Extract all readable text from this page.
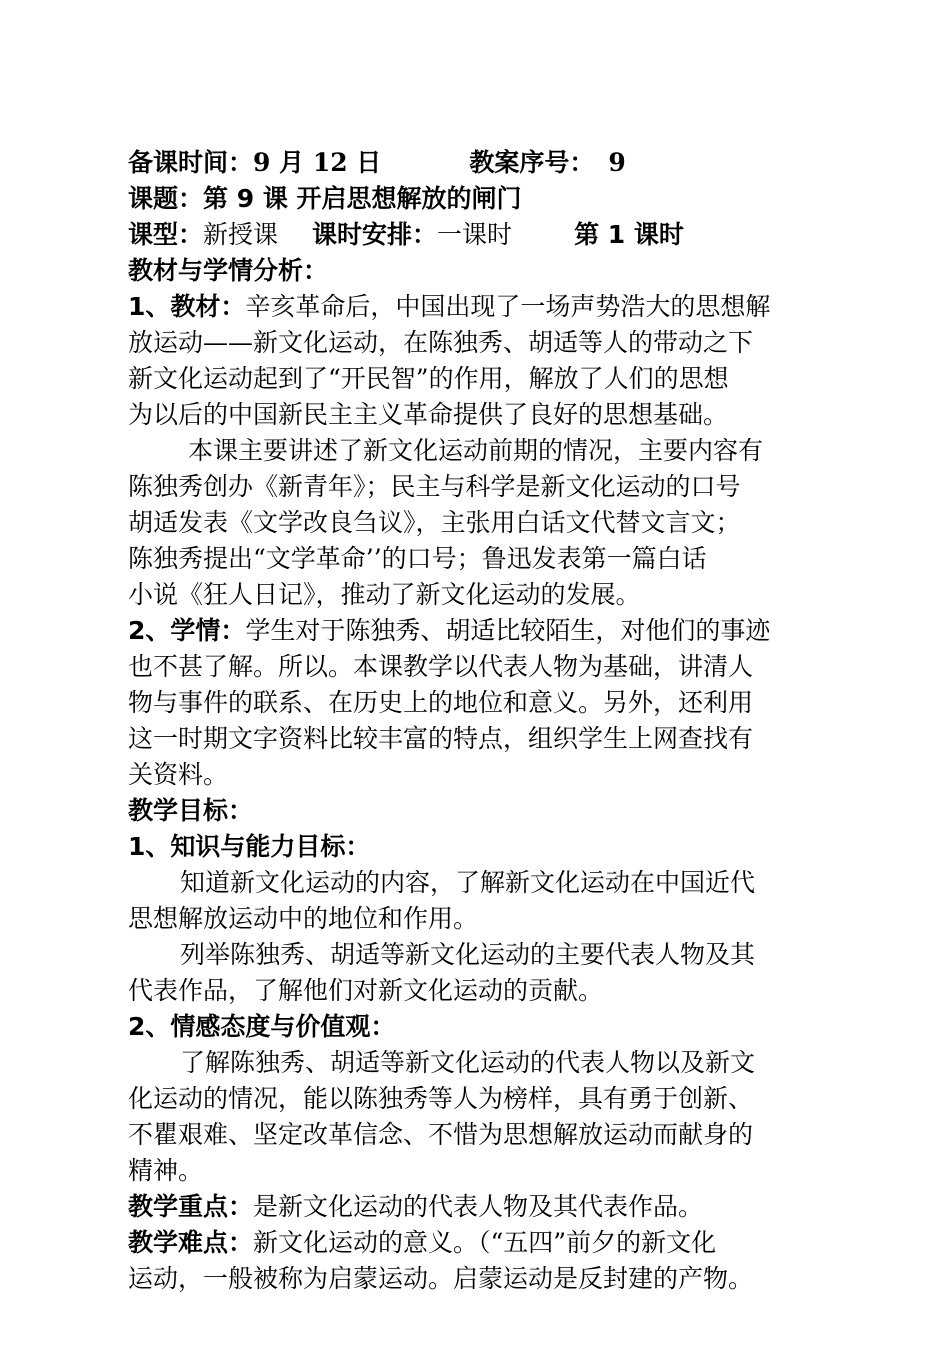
备课时间：9 月 12 日	教案序号： 9
课题：第 9 课 开启思想解放的闸门
课型：新授课 课时安排：一课时 第 1 课时
教材与学情分析：
1、教材：辛亥革命后，中国出现了一场声势浩大的思想解
放运动——新文化运动，在陈独秀、胡适等人的带动之下
新文化运动起到了“开民智”的作用，解放了人们的思想
为以后的中国新民主主义革命提供了良好的思想基础。
本课主要讲述了新文化运动前期的情况，主要内容有
陈独秀创办《新青年》；民主与科学是新文化运动的口号
胡适发表《文学改良刍议》，主张用白话文代替文言文；
陈独秀提出“文学革命’’的口号；鲁迅发表第一篇白话
小说《狂人日记》，推动了新文化运动的发展。
2、学情：学生对于陈独秀、胡适比较陌生，对他们的事迹
也不甚了解。所以。本课教学以代表人物为基础，讲清人
物与事件的联系、在历史上的地位和意义。另外，还利用
这一时期文字资料比较丰富的特点，组织学生上网查找有
关资料。
教学目标：
1、知识与能力目标：
知道新文化运动的内容，了解新文化运动在中国近代
思想解放运动中的地位和作用。
列举陈独秀、胡适等新文化运动的主要代表人物及其
代表作品，了解他们对新文化运动的贡献。
2、情感态度与价值观：
了解陈独秀、胡适等新文化运动的代表人物以及新文
化运动的情况，能以陈独秀等人为榜样，具有勇于创新、
不瞿艰难、坚定改革信念、不惜为思想解放运动而献身的
精神。
教学重点：是新文化运动的代表人物及其代表作品。
教学难点：新文化运动的意义。（“五四”前夕的新文化
运动，一般被称为启蒙运动。启蒙运动是反封建的产物。
